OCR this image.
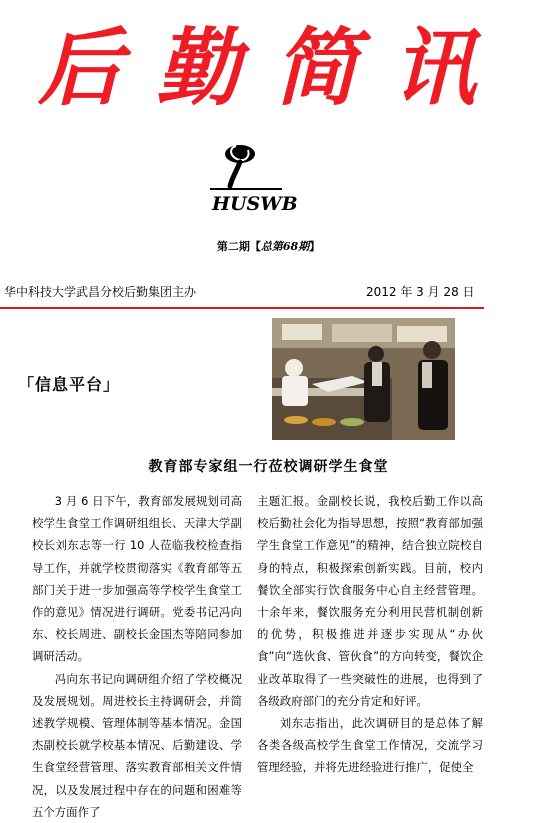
后 勤 简 讯
HUSWB
第二期【总第68期】
华中科技大学武昌分校后勤集团主办	2012 年 3 月 28 日
「信息平台」
教育部专家组一行莅校调研学生食堂

3 月 6 日下午，教育部发展规划司高校学生食堂工作调研组组长、天津大学副校长刘东志等一行 10 人莅临我校检查指导工作，并就学校贯彻落实《教育部等五部门关于进一步加强高等学校学生食堂工作的意见》情况进行调研。党委书记冯向东、校长周进、副校长金国杰等陪同参加调研活动。

冯向东书记向调研组介绍了学校概况及发展规划。周进校长主持调研会，并简述教学规模、管理体制等基本情况。金国杰副校长就学校基本情况、后勤建设、学生食堂经营管理、落实教育部相关文件情况，以及发展过程中存在的问题和困难等五个方面作了

主题汇报。金副校长说，我校后勤工作以高校后勤社会化为指导思想，按照“教育部加强学生食堂工作意见”的精神，结合独立院校自身的特点，积极探索创新实践。目前，校内餐饮全部实行饮食服务中心自主经营管理。十余年来，餐饮服务充分利用民营机制创新的优势，积极推进并逐步实现从“办伙食”向“选伙食、管伙食”的方向转变，餐饮企业改革取得了一些突破性的进展，也得到了各级政府部门的充分肯定和好评。

刘东志指出，此次调研目的是总体了解各类各级高校学生食堂工作情况，交流学习管理经验，并将先进经验进行推广，促使全
